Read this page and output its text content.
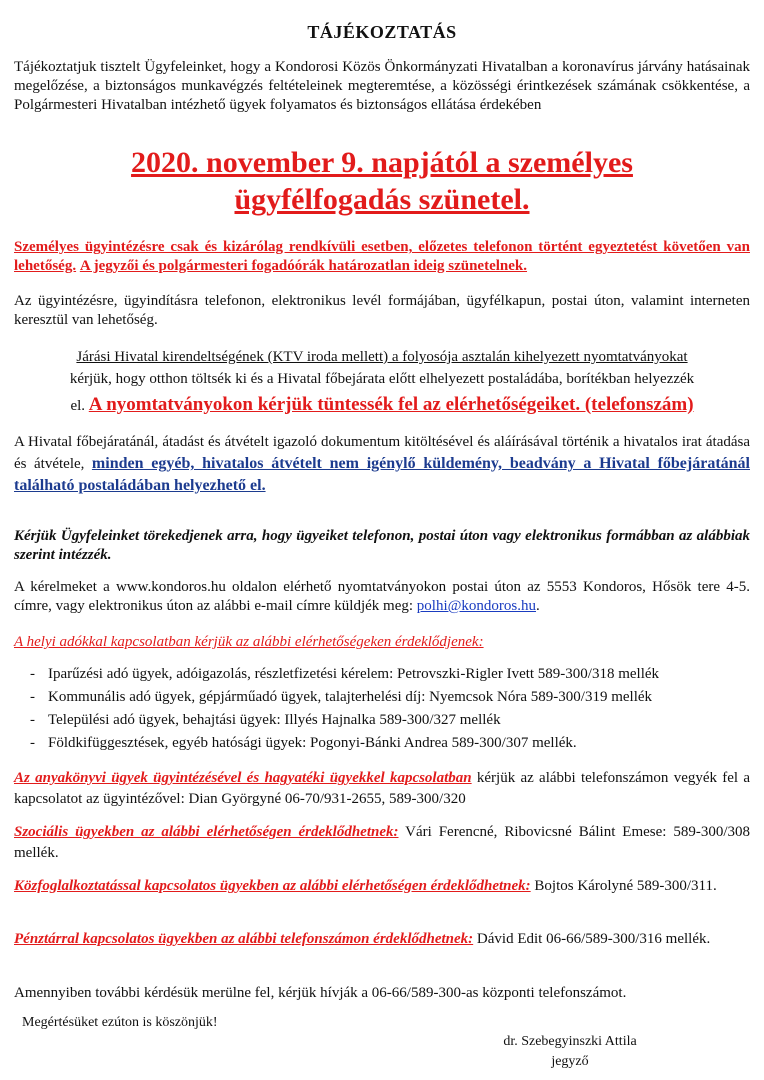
TÁJÉKOZTATÁS
Tájékoztatjuk tisztelt Ügyfeleinket, hogy a Kondorosi Közös Önkormányzati Hivatalban a koronavírus járvány hatásainak megelőzése, a biztonságos munkavégzés feltételeinek megteremtése, a közösségi érintkezések számának csökkentése, a Polgármesteri Hivatalban intézhető ügyek folyamatos és biztonságos ellátása érdekében
2020. november 9. napjától a személyes
ügyfélfogadás szünetel.
Személyes ügyintézésre csak és kizárólag rendkívüli esetben, előzetes telefonon történt egyeztetést követően van lehetőség. A jegyzői és polgármesteri fogadóórák határozatlan ideig szünetelnek.
Az ügyintézésre, ügyindításra telefonon, elektronikus levél formájában, ügyfélkapun, postai úton, valamint interneten keresztül van lehetőség.
Járási Hivatal kirendeltségének (KTV iroda mellett) a folyosója asztalán kihelyezett nyomtatványokat
kérjük, hogy otthon töltsék ki és a Hivatal főbejárata előtt elhelyezett postaládába, borítékban helyezzék
el. A nyomtatványokon kérjük tüntessék fel az elérhetőségeiket. (telefonszám)
A Hivatal főbejáratánál, átadást és átvételt igazoló dokumentum kitöltésével és aláírásával történik a hivatalos irat átadása és átvétele, minden egyéb, hivatalos átvételt nem igénylő küldemény, beadvány a Hivatal főbejáratánál található postaládában helyezhető el.
Kérjük Ügyfeleinket törekedjenek arra, hogy ügyeiket telefonon, postai úton vagy elektronikus formábban az alábbiak szerint intézzék.
A kérelmeket a www.kondoros.hu oldalon elérhető nyomtatványokon postai úton az 5553 Kondoros, Hősök tere 4-5. címre, vagy elektronikus úton az alábbi e-mail címre küldjék meg: polhi@kondoros.hu.
A helyi adókkal kapcsolatban kérjük az alábbi elérhetőségeken érdeklődjenek:
- Iparűzési adó ügyek, adóigazolás, részletfizetési kérelem: Petrovszki-Rigler Ivett 589-300/318 mellék
- Kommunális adó ügyek, gépjárműadó ügyek, talajterhelési díj: Nyemcsok Nóra 589-300/319 mellék
- Települési adó ügyek, behajtási ügyek: Illyés Hajnalka 589-300/327 mellék
- Földkifüggesztések, egyéb hatósági ügyek: Pogonyi-Bánki Andrea 589-300/307 mellék.
Az anyakönyvi ügyek ügyintézésével és hagyatéki ügyekkel kapcsolatban kérjük az alábbi telefonszámon vegyék fel a kapcsolatot az ügyintézővel: Dian Györgyné 06-70/931-2655, 589-300/320
Szociális ügyekben az alábbi elérhetőségen érdeklődhetnek: Vári Ferencné, Ribovicsné Bálint Emese: 589-300/308 mellék.
Közfoglalkoztatással kapcsolatos ügyekben az alábbi elérhetőségen érdeklődhetnek: Bojtos Károlyné 589-300/311.
Pénztárral kapcsolatos ügyekben az alábbi telefonszámon érdeklődhetnek: Dávid Edit 06-66/589-300/316 mellék.
Amennyiben további kérdésük merülne fel, kérjük hívják a 06-66/589-300-as központi telefonszámot.
Megértésüket ezúton is köszönjük!
dr. Szebegyinszki Attila
jegyző
